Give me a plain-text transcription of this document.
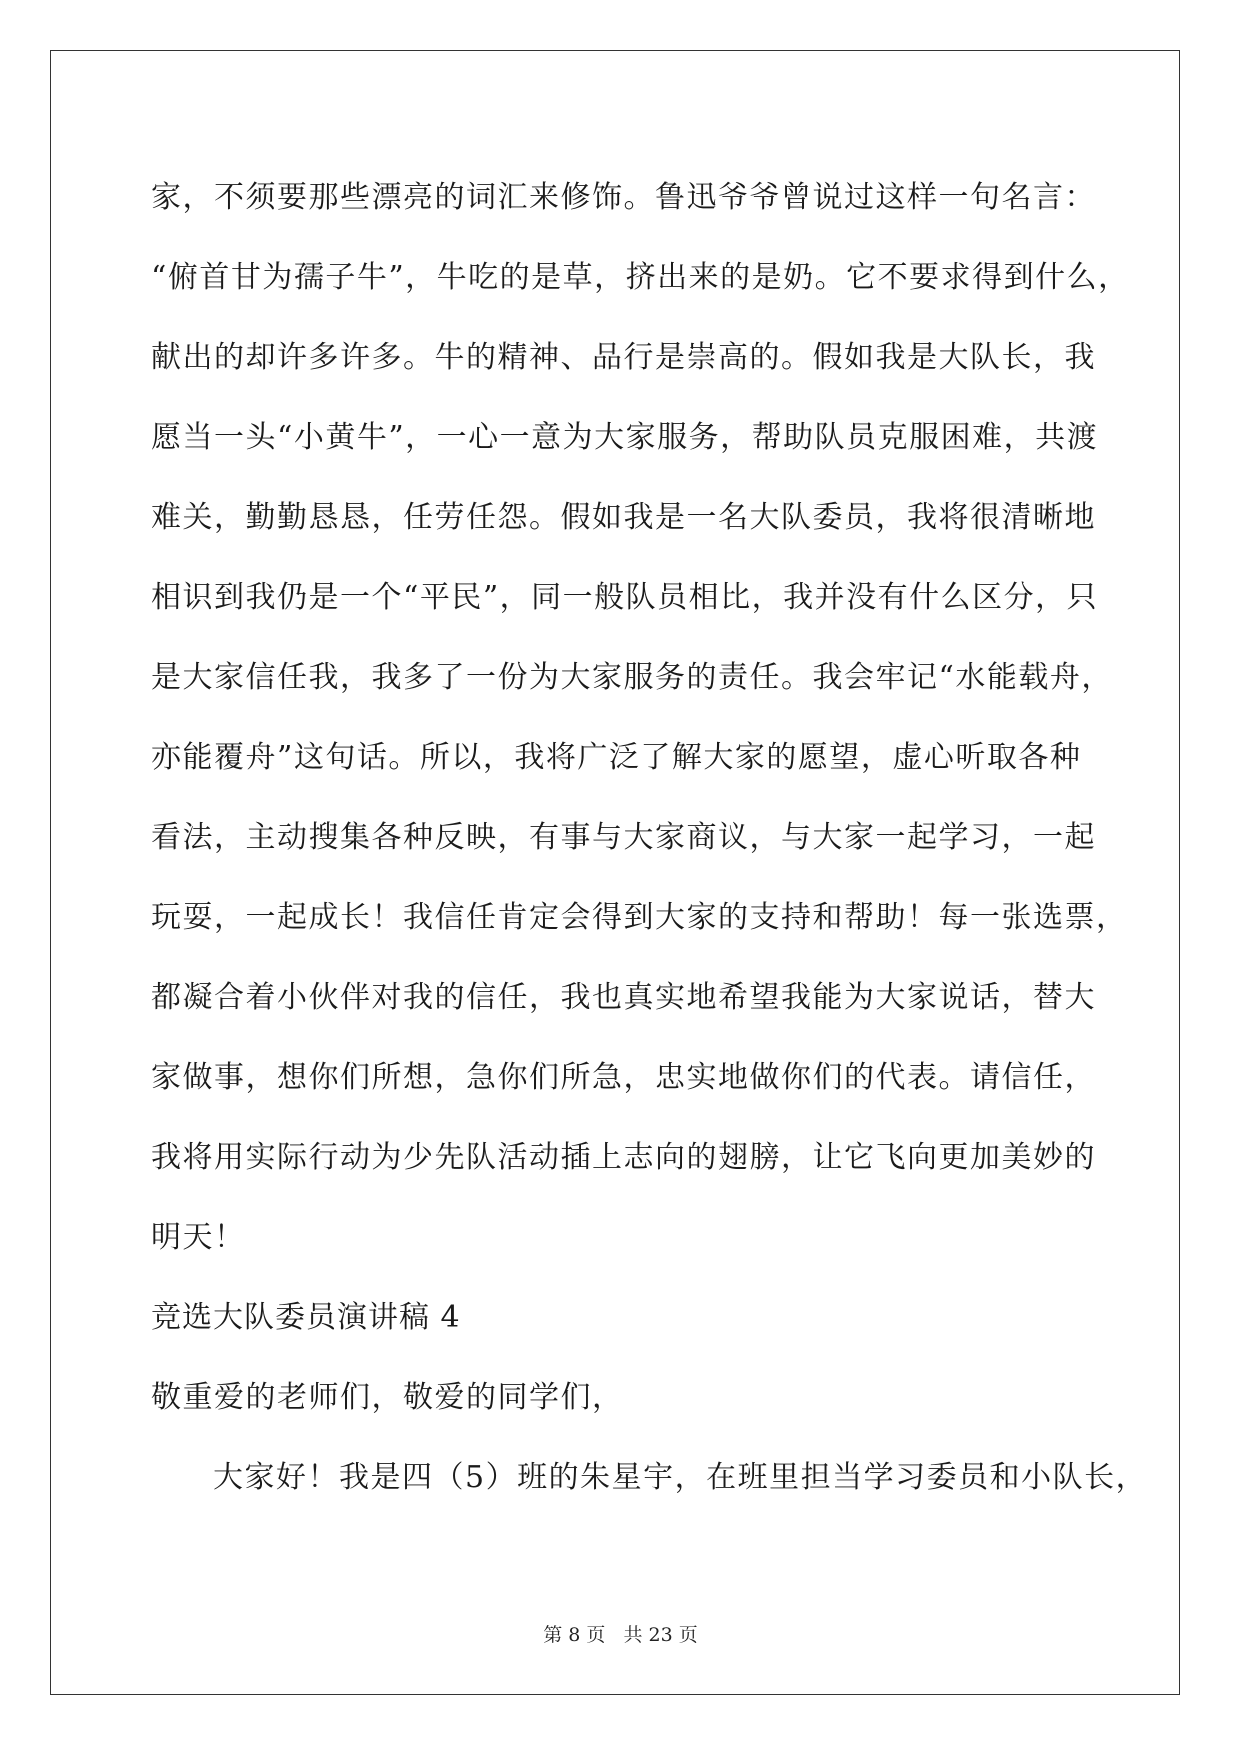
家，不须要那些漂亮的词汇来修饰。鲁迅爷爷曾说过这样一句名言：
“俯首甘为孺子牛”，牛吃的是草，挤出来的是奶。它不要求得到什么，
献出的却许多许多。牛的精神、品行是崇高的。假如我是大队长，我
愿当一头“小黄牛”，一心一意为大家服务，帮助队员克服困难，共渡
难关，勤勤恳恳，任劳任怨。假如我是一名大队委员，我将很清晰地
相识到我仍是一个“平民”，同一般队员相比，我并没有什么区分，只
是大家信任我，我多了一份为大家服务的责任。我会牢记“水能载舟，
亦能覆舟”这句话。所以，我将广泛了解大家的愿望，虚心听取各种
看法，主动搜集各种反映，有事与大家商议，与大家一起学习，一起
玩耍，一起成长！我信任肯定会得到大家的支持和帮助！每一张选票，
都凝合着小伙伴对我的信任，我也真实地希望我能为大家说话，替大
家做事，想你们所想，急你们所急，忠实地做你们的代表。请信任，
我将用实际行动为少先队活动插上志向的翅膀，让它飞向更加美妙的
明天！
竞选大队委员演讲稿 4
敬重爱的老师们，敬爱的同学们，
大家好！我是四（5）班的朱星宇，在班里担当学习委员和小队长，
第 8 页 共 23 页
